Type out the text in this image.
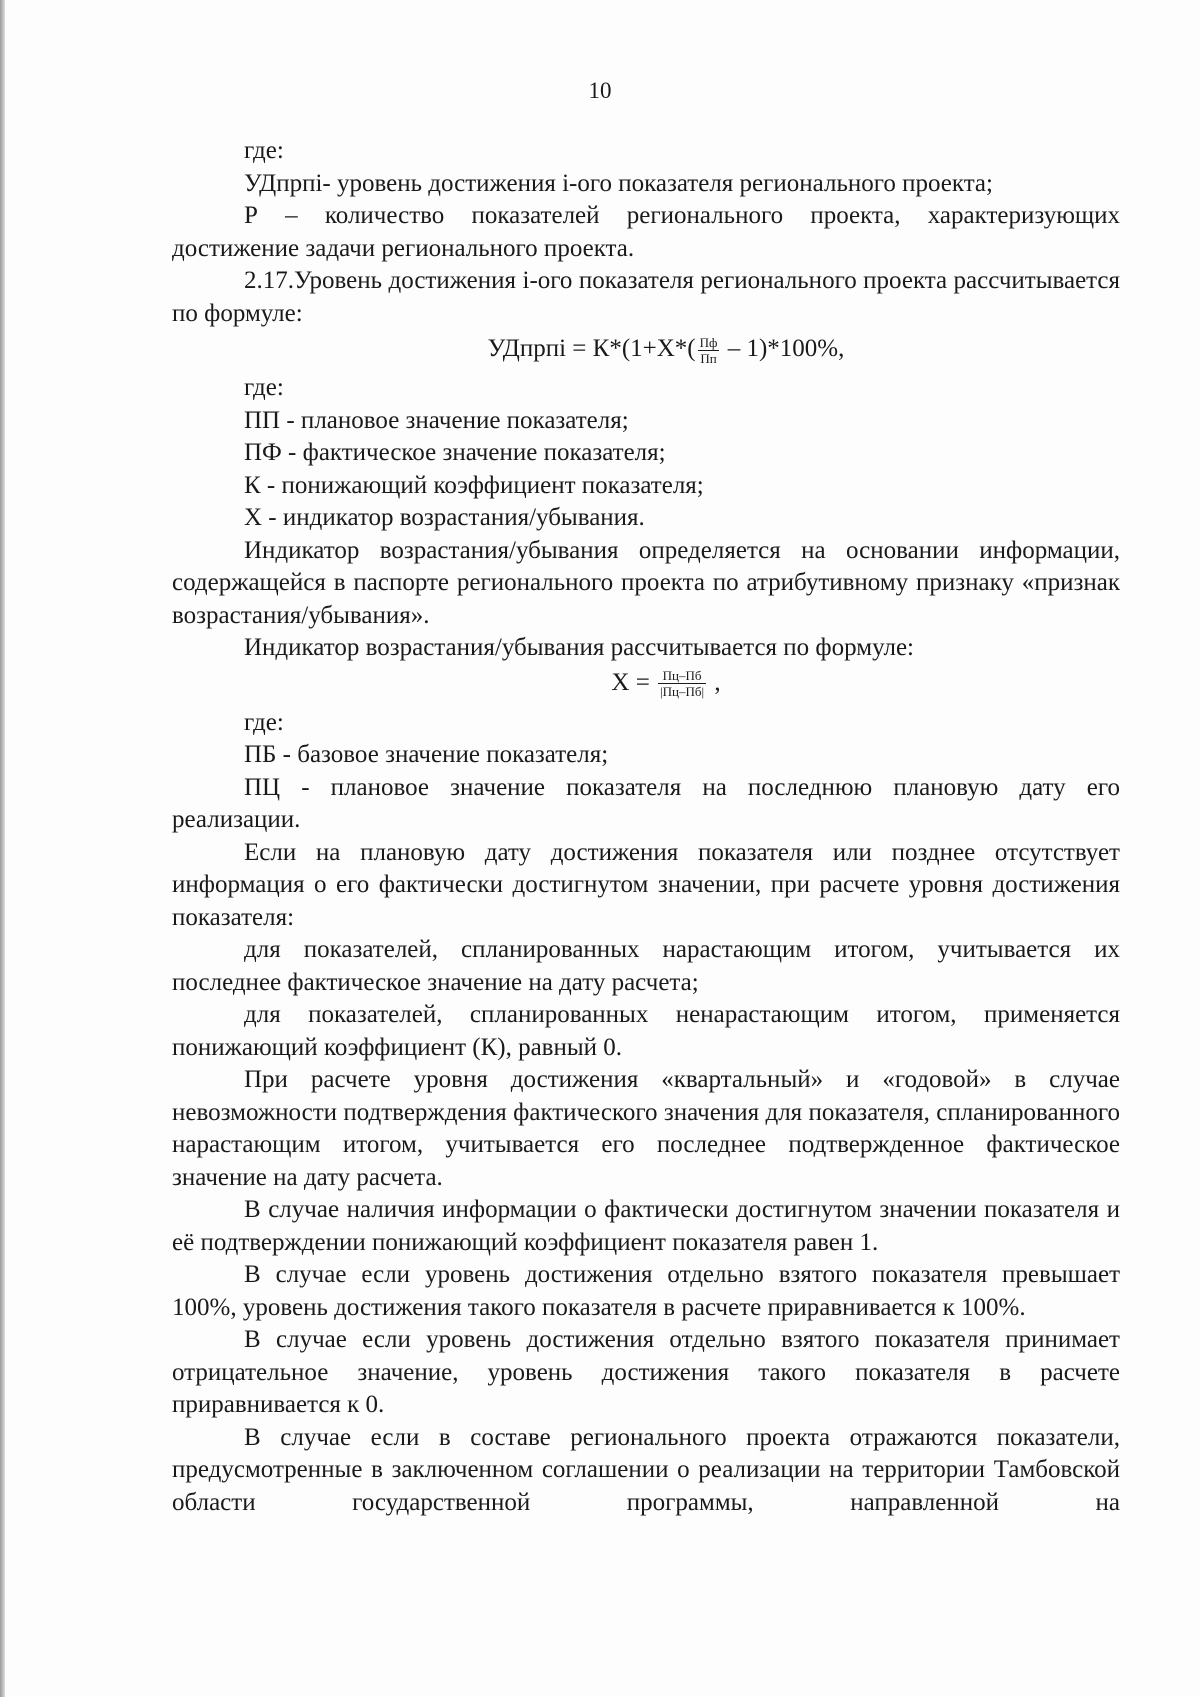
10

где:

УДпрпi- уровень достижения i-ого показателя регионального проекта;

Р – количество показателей регионального проекта, характеризующих достижение задачи регионального проекта.

2.17.Уровень достижения i-ого показателя регионального проекта рассчитывается по формуле:

УДпрпi = $К*(1+Х*( \frac{Пф}{Пп} - 1)*100\%$,

где:

ПП - плановое значение показателя;

ПФ - фактическое значение показателя;

К - понижающий коэффициент показателя;

Х - индикатор возрастания/убывания.

Индикатор возрастания/убывания определяется на основании информации, содержащейся в паспорте регионального проекта по атрибутивному признаку «признак возрастания/убывания».

Индикатор возрастания/убывания рассчитывается по формуле:

$Х = \frac{Пц-Пб}{|Пц-Пб|}$ ,

где:

ПБ - базовое значение показателя;

ПЦ - плановое значение показателя на последнюю плановую дату его реализации.

Если на плановую дату достижения показателя или позднее отсутствует информация о его фактически достигнутом значении, при расчете уровня достижения показателя:

для показателей, спланированных нарастающим итогом, учитывается их последнее фактическое значение на дату расчета;

для показателей, спланированных ненарастающим итогом, применяется понижающий коэффициент (К), равный 0.

При расчете уровня достижения «квартальный» и «годовой» в случае невозможности подтверждения фактического значения для показателя, спланированного нарастающим итогом, учитывается его последнее подтвержденное фактическое значение на дату расчета.

В случае наличия информации о фактически достигнутом значении показателя и её подтверждении понижающий коэффициент показателя равен 1.

В случае если уровень достижения отдельно взятого показателя превышает 100%, уровень достижения такого показателя в расчете приравнивается к 100%.

В случае если уровень достижения отдельно взятого показателя принимает отрицательное значение, уровень достижения такого показателя в расчете приравнивается к 0.

В случае если в составе регионального проекта отражаются показатели, предусмотренные в заключенном соглашении о реализации на территории Тамбовской области государственной программы, направленной на
